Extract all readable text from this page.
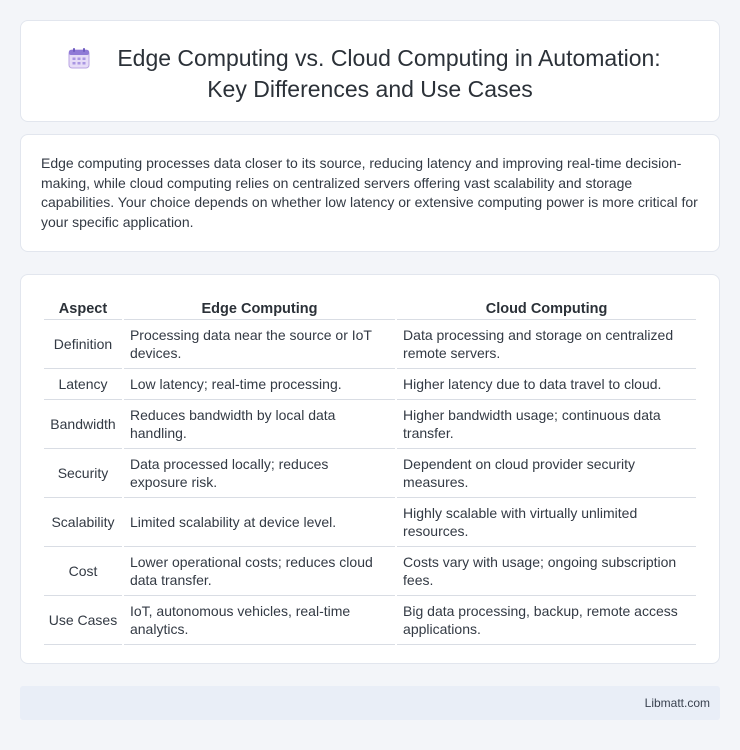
Edge Computing vs. Cloud Computing in Automation:
Key Differences and Use Cases

Edge computing processes data closer to its source, reducing latency and improving real-time decision-making, while cloud computing relies on centralized servers offering vast scalability and storage capabilities. Your choice depends on whether low latency or extensive computing power is more critical for your specific application.

Aspect	Edge Computing	Cloud Computing
Definition	Processing data near the source or IoT devices.	Data processing and storage on centralized remote servers.
Latency	Low latency; real-time processing.	Higher latency due to data travel to cloud.
Bandwidth	Reduces bandwidth by local data handling.	Higher bandwidth usage; continuous data transfer.
Security	Data processed locally; reduces exposure risk.	Dependent on cloud provider security measures.
Scalability	Limited scalability at device level.	Highly scalable with virtually unlimited resources.
Cost	Lower operational costs; reduces cloud data transfer.	Costs vary with usage; ongoing subscription fees.
Use Cases	IoT, autonomous vehicles, real-time analytics.	Big data processing, backup, remote access applications.
Libmatt.com
